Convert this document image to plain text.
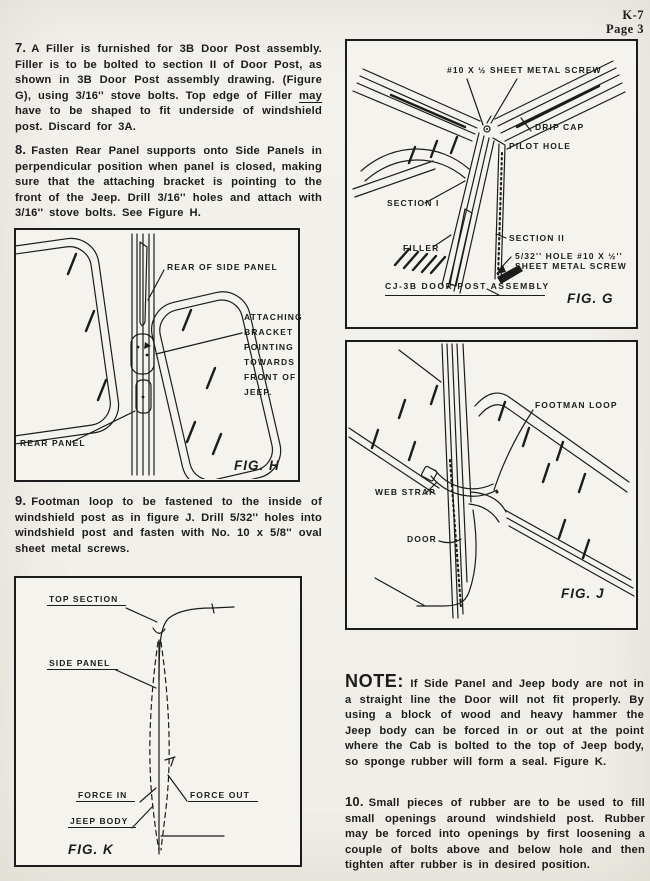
K-7
Page 3

7. A Filler is furnished for 3B Door Post assembly. Filler is to be bolted to section II of Door Post, as shown in 3B Door Post assembly drawing. (Figure G), using 3/16'' stove bolts. Top edge of Filler may have to be shaped to fit underside of windshield post. Discard for 3A.

8. Fasten Rear Panel supports onto Side Panels in perpendicular position when panel is closed, making sure that the attaching bracket is pointing to the front of the Jeep. Drill 3/16'' holes and attach with 3/16'' stove bolts. See Figure H.

REAR OF SIDE PANEL
ATTACHING BRACKET POINTING TOWARDS FRONT OF JEEP.
REAR PANEL
FIG. H

9. Footman loop to be fastened to the inside of windshield post as in figure J. Drill 5/32'' holes into windshield post and fasten with No. 10 x 5/8'' oval sheet metal screws.

TOP SECTION
SIDE PANEL
FORCE IN	FORCE OUT
JEEP BODY
FIG. K
#10 X ½ SHEET METAL SCREW
DRIP CAP
PILOT HOLE
SECTION I
SECTION II
FILLER
5/32'' HOLE #10 X ½''
SHEET METAL SCREW
CJ-3B DOOR POST ASSEMBLY
FIG. G
FOOTMAN LOOP
WEB STRAP
DOOR
FIG. J

NOTE: If Side Panel and Jeep body are not in a straight line the Door will not fit properly. By using a block of wood and heavy hammer the Jeep body can be forced in or out at the point where the Cab is bolted to the top of Jeep body, so sponge rubber will form a seal. Figure K.

10. Small pieces of rubber are to be used to fill small openings around windshield post. Rubber may be forced into openings by first loosening a couple of bolts above and below hole and then tighten after rubber is in desired position.
